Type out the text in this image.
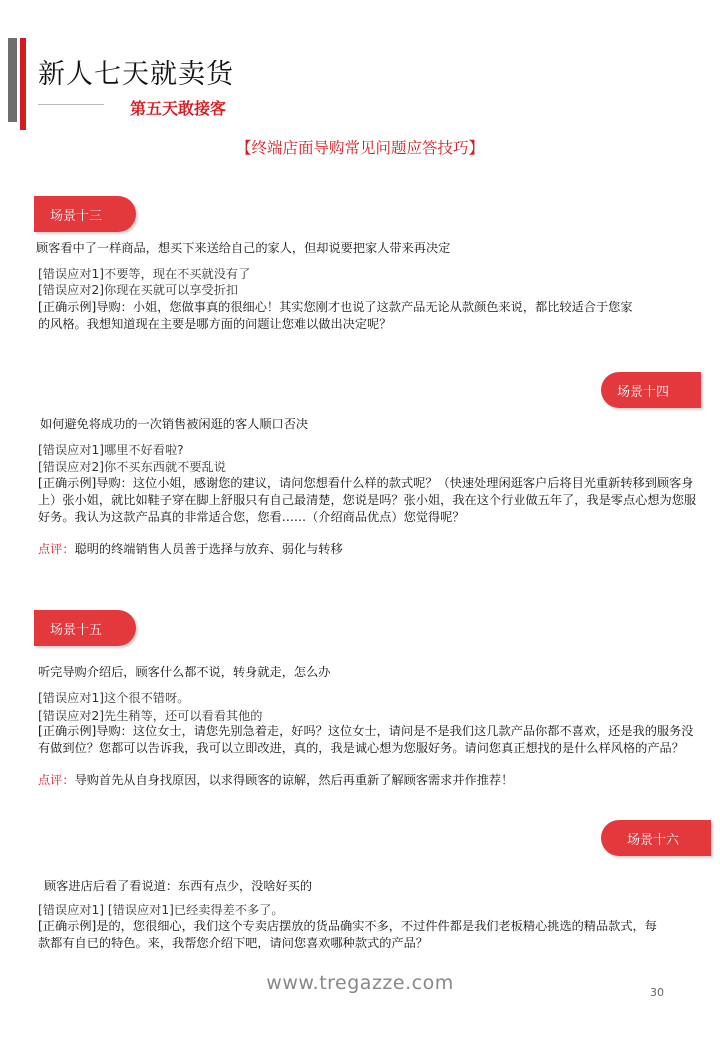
新人七天就卖货
第五天敢接客
【终端店面导购常见问题应答技巧】
场景十三
顾客看中了一样商品，想买下来送给自己的家人，但却说要把家人带来再决定
[错误应对1]不要等，现在不买就没有了
[错误应对2]你现在买就可以享受折扣
[正确示例]导购：小姐，您做事真的很细心！其实您刚才也说了这款产品无论从款颜色来说，都比较适合于您家的风格。我想知道现在主要是哪方面的问题让您难以做出决定呢？
场景十四
如何避免将成功的一次销售被闲逛的客人顺口否决
[错误应对1]哪里不好看啦?
[错误应对2]你不买东西就不要乱说
[正确示例]导购：这位小姐，感谢您的建议，请问您想看什么样的款式呢？（快速处理闲逛客户后将目光重新转移到顾客身上）张小姐，就比如鞋子穿在脚上舒服只有自己最清楚，您说是吗？张小姐，我在这个行业做五年了，我是零点心想为您服好务。我认为这款产品真的非常适合您，您看……（介绍商品优点）您觉得呢？
点评：聪明的终端销售人员善于选择与放弃、弱化与转移
场景十五
听完导购介绍后，顾客什么都不说，转身就走，怎么办
[错误应对1]这个很不错呀。
[错误应对2]先生稍等，还可以看看其他的
[正确示例]导购：这位女士，请您先别急着走，好吗？这位女士，请问是不是我们这几款产品你都不喜欢，还是我的服务没有做到位？您都可以告诉我，我可以立即改进，真的，我是诚心想为您服好务。请问您真正想找的是什么样风格的产品？
点评：导购首先从自身找原因，以求得顾客的谅解，然后再重新了解顾客需求并作推荐！
场景十六
顾客进店后看了看说道：东西有点少，没啥好买的
[错误应对1] [错误应对1]已经卖得差不多了。
[正确示例]是的，您很细心，我们这个专卖店摆放的货品确实不多，不过件件都是我们老板精心挑选的精品款式，每款都有自已的特色。来，我帮您介绍下吧，请问您喜欢哪种款式的产品？
www.tregazze.com	30
